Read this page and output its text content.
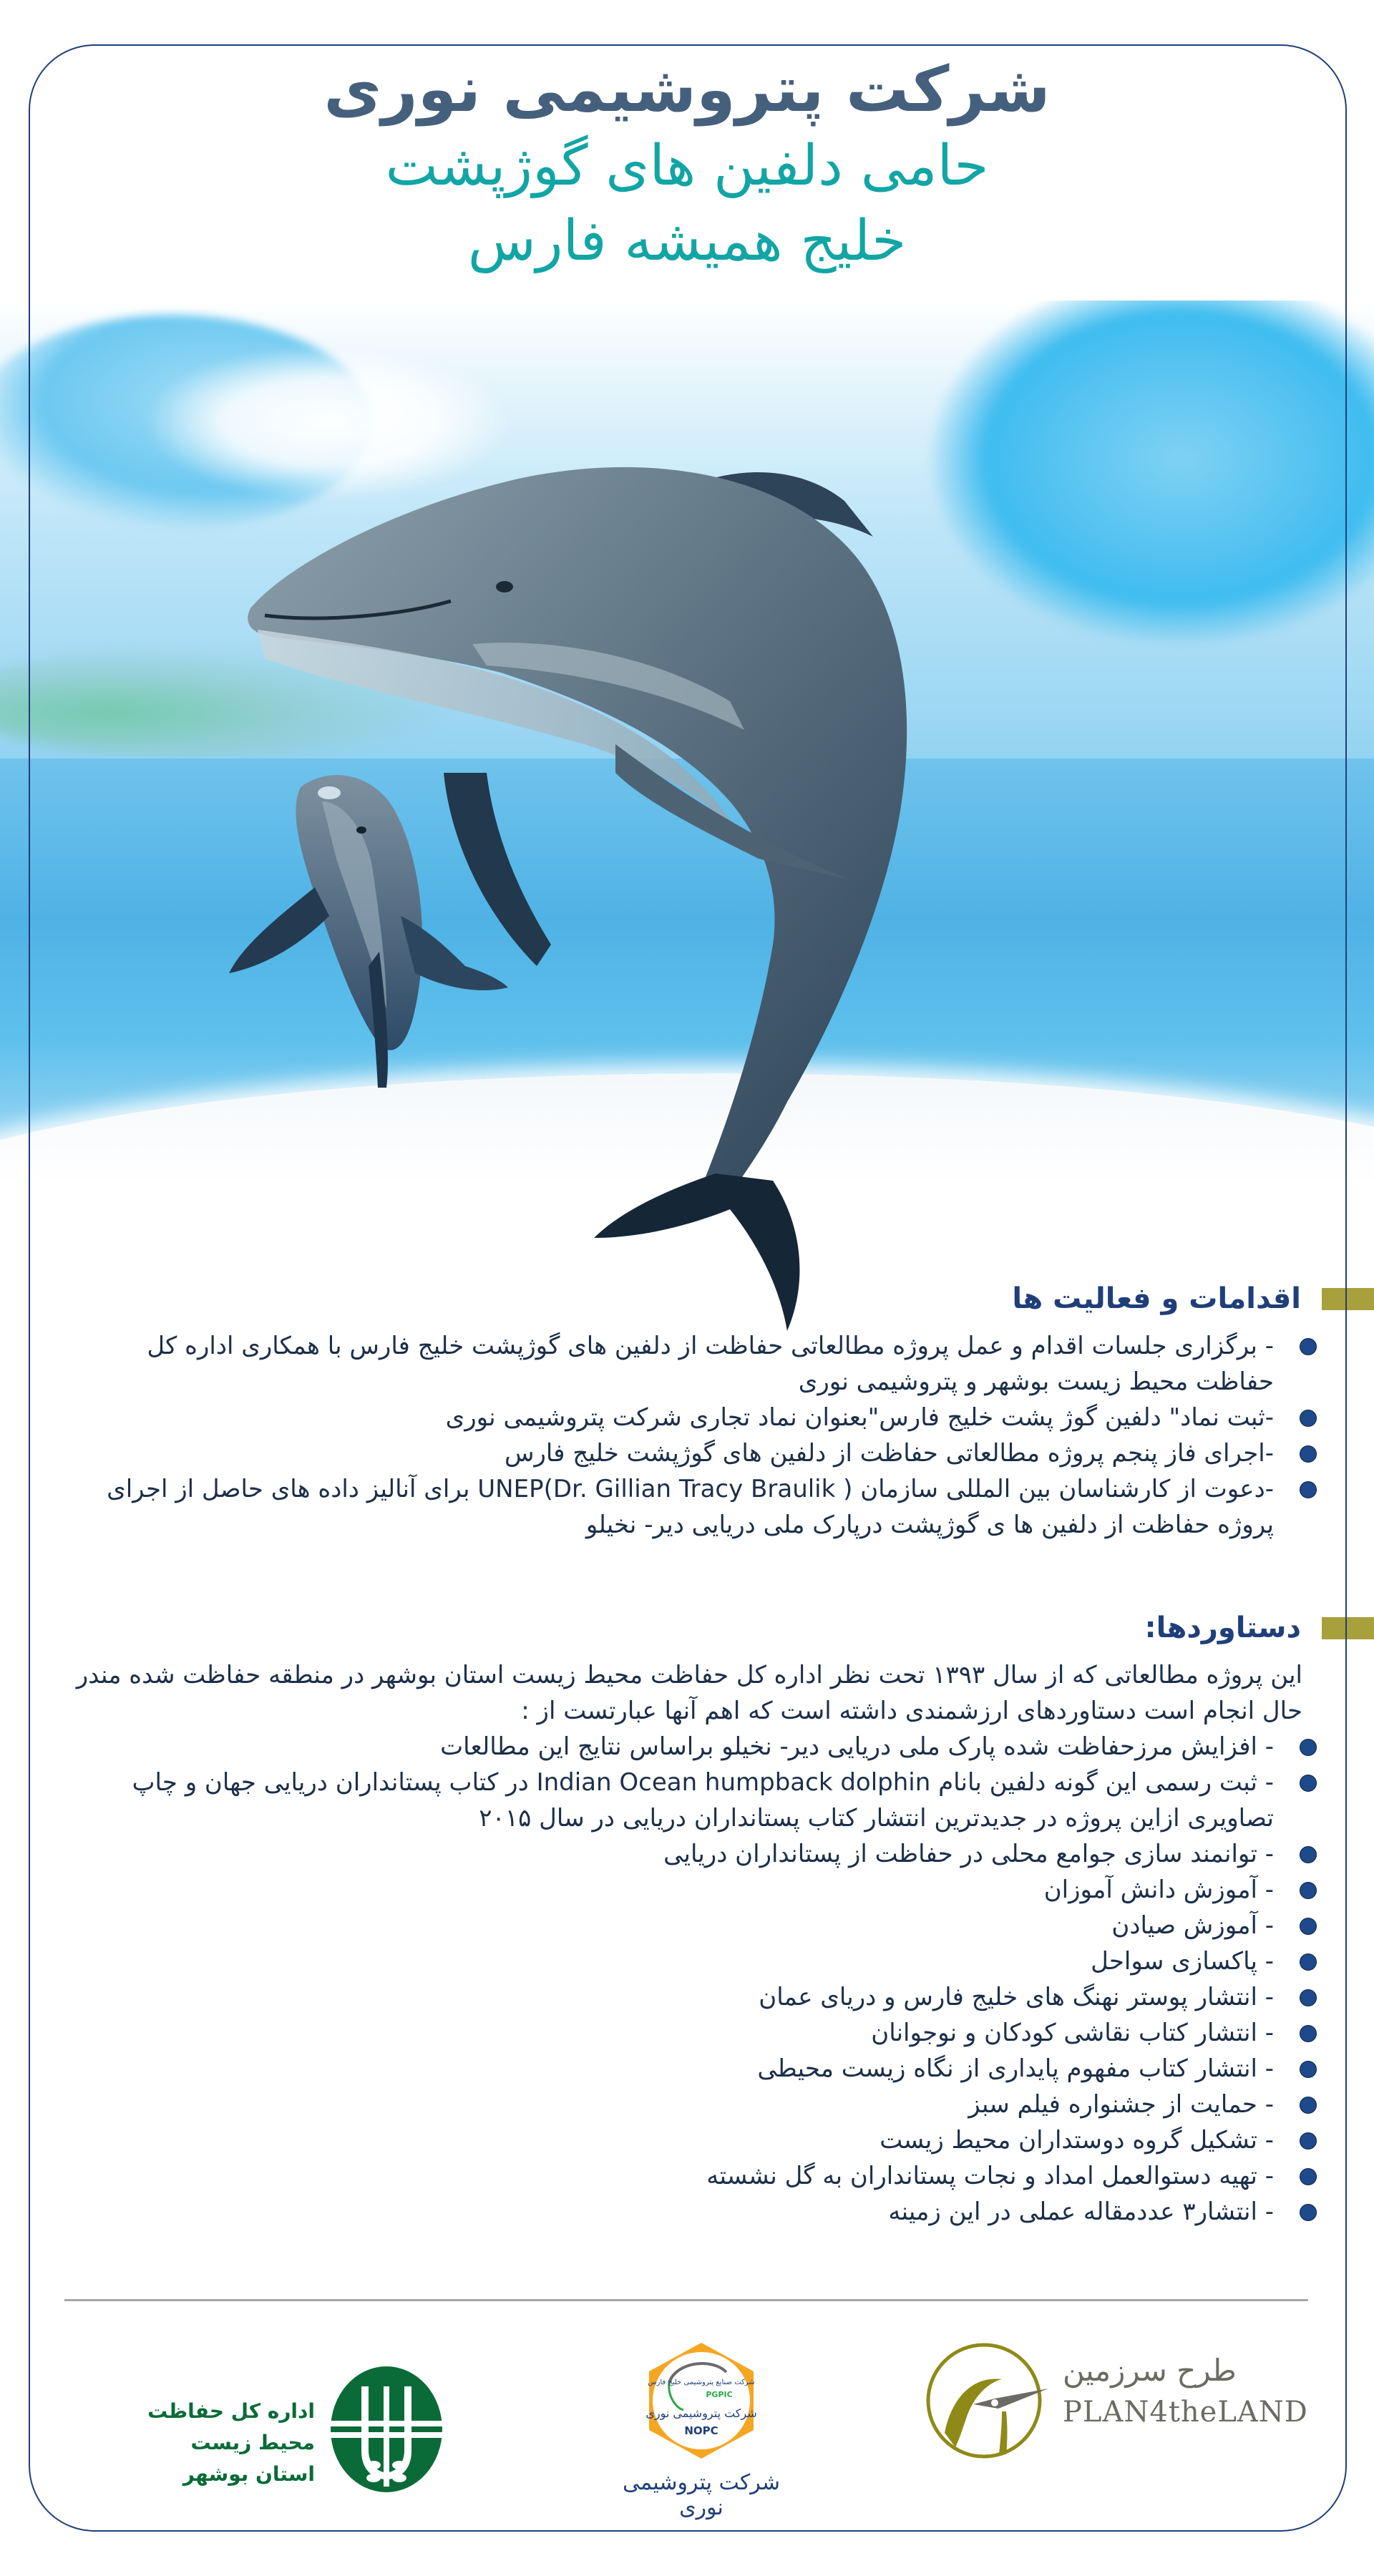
شرکت پتروشیمی نوری

حامی دلفین های گوژپشت

خلیج همیشه فارس

اقدامات و فعالیت ها
- برگزاری جلسات اقدام و عمل پروژه مطالعاتی حفاظت از دلفین های گوژپشت خلیج فارس با همکاری اداره کل حفاظت محیط زیست بوشهر و پتروشیمی نوری
-ثبت نماد" دلفین گوژ پشت خلیج فارس"بعنوان نماد تجاری شرکت پتروشیمی نوری
-اجرای فاز پنجم پروژه مطالعاتی حفاظت از دلفین های گوژپشت خلیج فارس
-دعوت از کارشناسان بین المللی سازمان UNEP(Dr. Gillian Tracy Braulik ) برای آنالیز داده های حاصل از اجرای پروژه حفاظت از دلفین ها ی گوژپشت درپارک ملی دریایی دیر- نخیلو
دستاوردها:
این پروژه مطالعاتی که از سال ۱۳۹۳ تحت نظر اداره کل حفاظت محیط زیست استان بوشهر در منطقه حفاظت شده مندر حال انجام است دستاوردهای ارزشمندی داشته است که اهم آنها عبارتست از :
- افزایش مرزحفاظت شده پارک ملی دریایی دیر- نخیلو براساس نتایج این مطالعات
- ثبت رسمی این گونه دلفین بانام Indian Ocean humpback dolphin در کتاب پستانداران دریایی جهان و چاپ تصاویری ازاین پروژه در جدیدترین انتشار کتاب پستانداران دریایی در سال ۲۰۱۵
- توانمند سازی جوامع محلی در حفاظت از پستانداران دریایی
- آموزش دانش آموزان
- آموزش صیادن
- پاکسازی سواحل
- انتشار پوستر نهنگ های خلیج فارس و دریای عمان
- انتشار کتاب نقاشی کودکان و نوجوانان
- انتشار کتاب مفهوم پایداری از نگاه زیست محیطی
- حمایت از جشنواره فیلم سبز
- تشکیل گروه دوستداران محیط زیست
- تهیه دستوالعمل امداد و نجات پستانداران به گل نشسته
- انتشار۳ عددمقاله عملی در این زمینه
اداره کل حفاظت محیط زیست
استان بوشهر
شرکت صنایع پتروشیمی خلیج فارس
PGPIC
شرکت پتروشیمی نوری
NOPC
شرکت پتروشیمی نوری
طرح سرزمین
PLAN4theLAND
